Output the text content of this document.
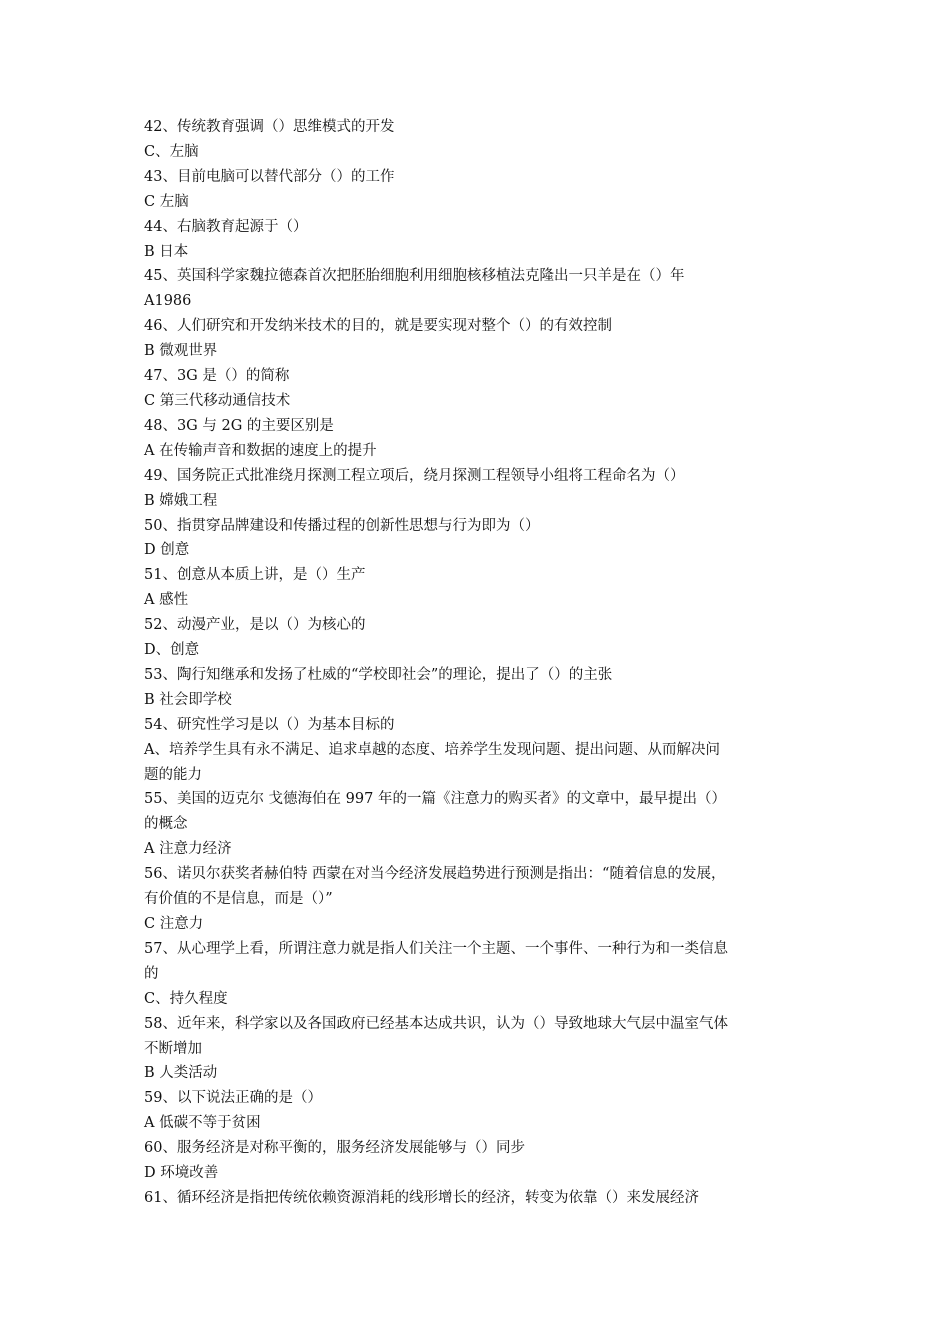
42、传统教育强调（）思维模式的开发
C、左脑
43、目前电脑可以替代部分（）的工作
C 左脑
44、右脑教育起源于（）
B 日本
45、英国科学家魏拉德森首次把胚胎细胞利用细胞核移植法克隆出一只羊是在（）年
A1986
46、人们研究和开发纳米技术的目的，就是要实现对整个（）的有效控制
B 微观世界
47、3G 是（）的简称
C 第三代移动通信技术
48、3G 与 2G 的主要区别是
A 在传输声音和数据的速度上的提升
49、国务院正式批准绕月探测工程立项后，绕月探测工程领导小组将工程命名为（）
B 嫦娥工程
50、指贯穿品牌建设和传播过程的创新性思想与行为即为（）
D 创意
51、创意从本质上讲，是（）生产
A 感性
52、动漫产业，是以（）为核心的
D、创意
53、陶行知继承和发扬了杜威的“学校即社会”的理论，提出了（）的主张
B 社会即学校
54、研究性学习是以（）为基本目标的
A、培养学生具有永不满足、追求卓越的态度、培养学生发现问题、提出问题、从而解决问
题的能力
55、美国的迈克尔 戈德海伯在 997 年的一篇《注意力的购买者》的文章中，最早提出（）
的概念
A 注意力经济
56、诺贝尔获奖者赫伯特 西蒙在对当今经济发展趋势进行预测是指出：“随着信息的发展，
有价值的不是信息，而是（）”
C 注意力
57、从心理学上看，所谓注意力就是指人们关注一个主题、一个事件、一种行为和一类信息
的
C、持久程度
58、近年来，科学家以及各国政府已经基本达成共识，认为（）导致地球大气层中温室气体
不断增加
B 人类活动
59、以下说法正确的是（）
A 低碳不等于贫困
60、服务经济是对称平衡的，服务经济发展能够与（）同步
D 环境改善
61、循环经济是指把传统依赖资源消耗的线形增长的经济，转变为依靠（）来发展经济
